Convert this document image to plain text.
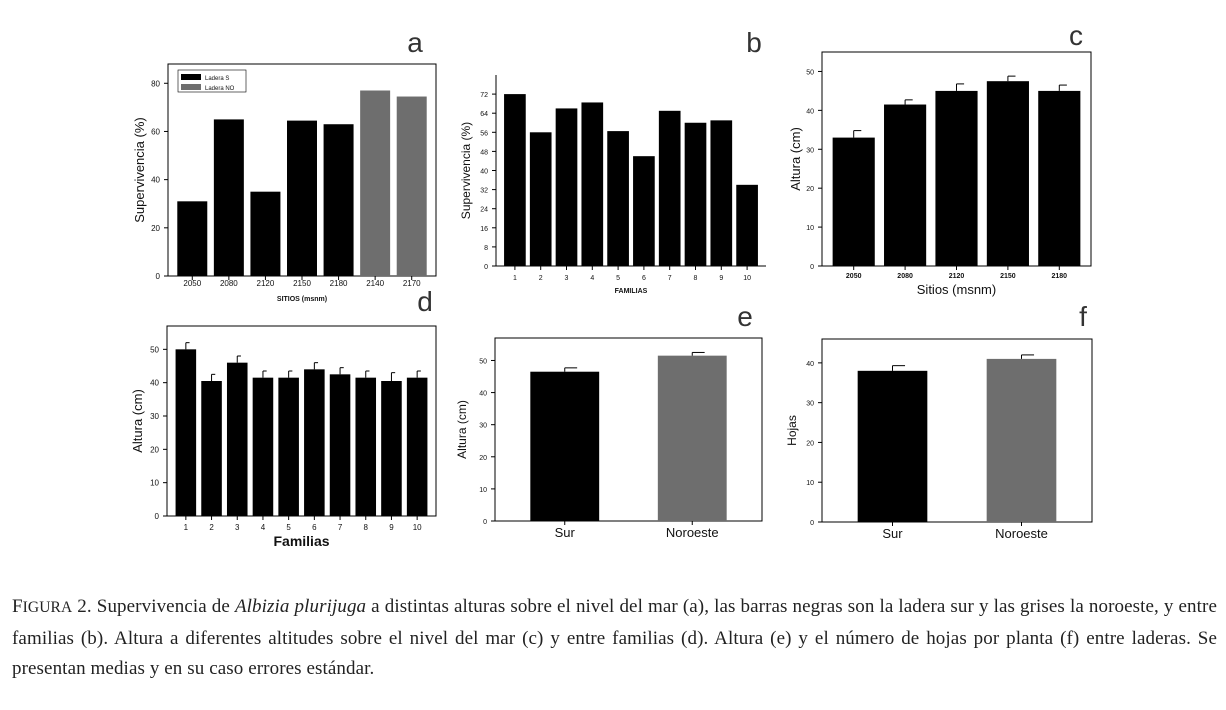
0
20
40
60
80
2050 2080 2120 2150 2180 2140 2170
SITIOS (msnm)
Supervivencia (%)
Ladera S
Ladera NO
a
0
8
16
24
32
40
48
56
64
72
1	2	3	4	5	6	7	8	9	10
FAMILIAS
Supervivencia (%)
b
0
10
20
30
40
50
2050	2080	2120	2150	2180
Sitios (msnm)
Altura (cm)
c
0
10
20
30
40
50
1	2	3	4	5	6	7	8	9 10
Familias
Altura (cm)
d
0
10
20
30
40
50
Sur	Noroeste
Altura (cm)
e
0
10
20
30
40
Sur	Noroeste
Hojas
f
FIGURA 2. Supervivencia de Albizia plurijuga a distintas alturas sobre el nivel del mar (a), las barras negras son la ladera sur y las grises la noroeste, y entre familias (b). Altura a diferentes altitudes sobre el nivel del mar (c) y entre familias (d). Altura (e) y el número de hojas por planta (f) entre laderas. Se presentan medias y en su caso errores estándar.
